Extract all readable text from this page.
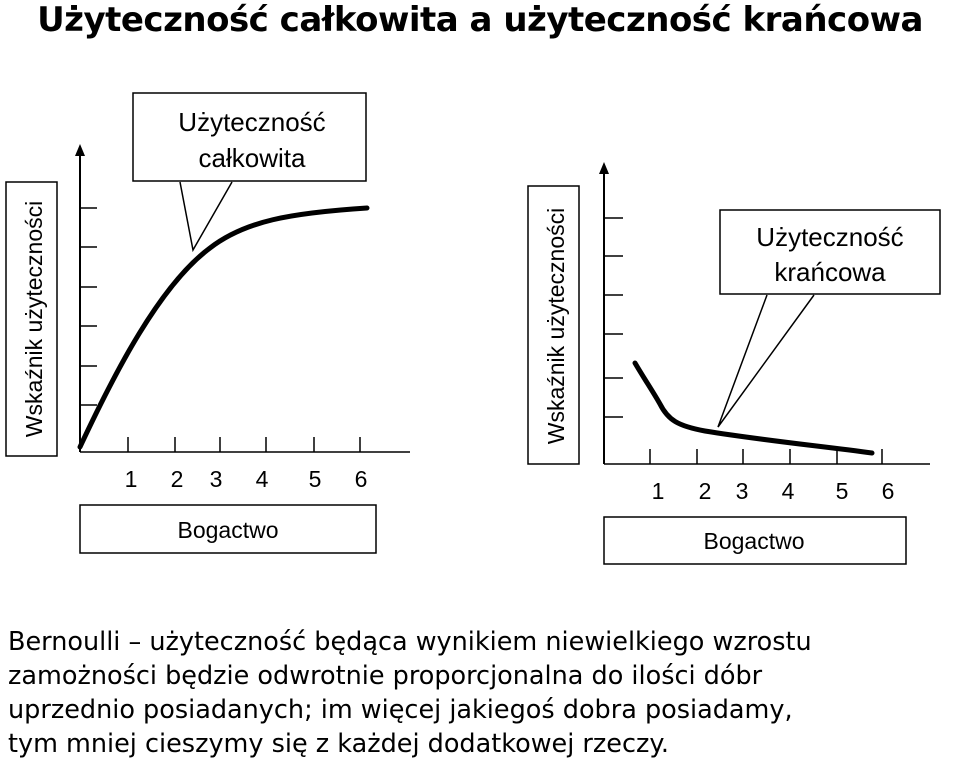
Użyteczność całkowita a użyteczność krańcowa
Wskaźnik użyteczności
1 2 3 4 5 6
Bogactwo
Użyteczność
całkowita
Wskaźnik użyteczności
1 2 3 4 5 6
Bogactwo
Użyteczność
krańcowa
Bernoulli – użyteczność będąca wynikiem niewielkiego wzrostu
zamożności będzie odwrotnie proporcjonalna do ilości dóbr
uprzednio posiadanych; im więcej jakiegoś dobra posiadamy,
tym mniej cieszymy się z każdej dodatkowej rzeczy.
